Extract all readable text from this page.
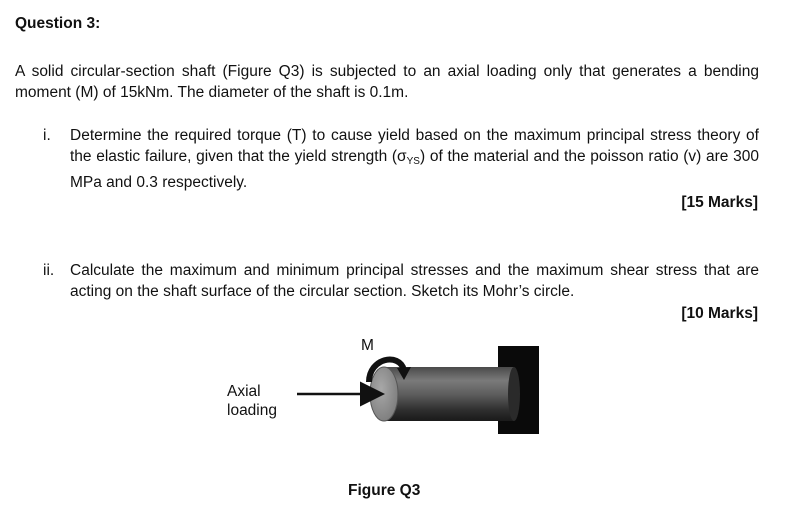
Question 3:
A solid circular-section shaft (Figure Q3) is subjected to an axial loading only that generates a bending moment (M) of 15kNm. The diameter of the shaft is 0.1m.
i. Determine the required torque (T) to cause yield based on the maximum principal stress theory of the elastic failure, given that the yield strength $(\sigma_{YS})$ of the material and the poisson ratio (v) are 300 MPa and 0.3 respectively.
[15 Marks]
ii. Calculate the maximum and minimum principal stresses and the maximum shear stress that are acting on the shaft surface of the circular section. Sketch its Mohr’s circle.
[10 Marks]
M
Axial
loading
Figure Q3
